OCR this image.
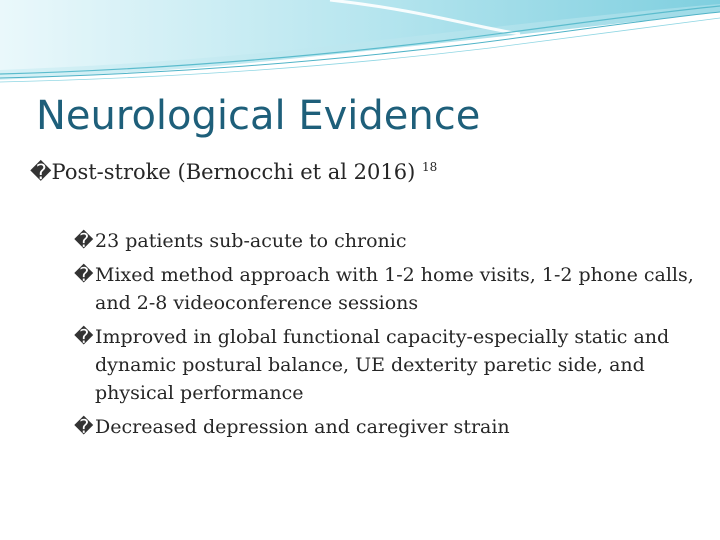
Neurological Evidence
�Post-stroke (Bernocchi et al 2016) $^{18}$
� 23 patients sub-acute to chronic
� Mixed method approach with 1-2 home visits, 1-2 phone calls, and 2-8 videoconference sessions
� Improved in global functional capacity-especially static and dynamic postural balance, UE dexterity paretic side, and physical performance
� Decreased depression and caregiver strain
